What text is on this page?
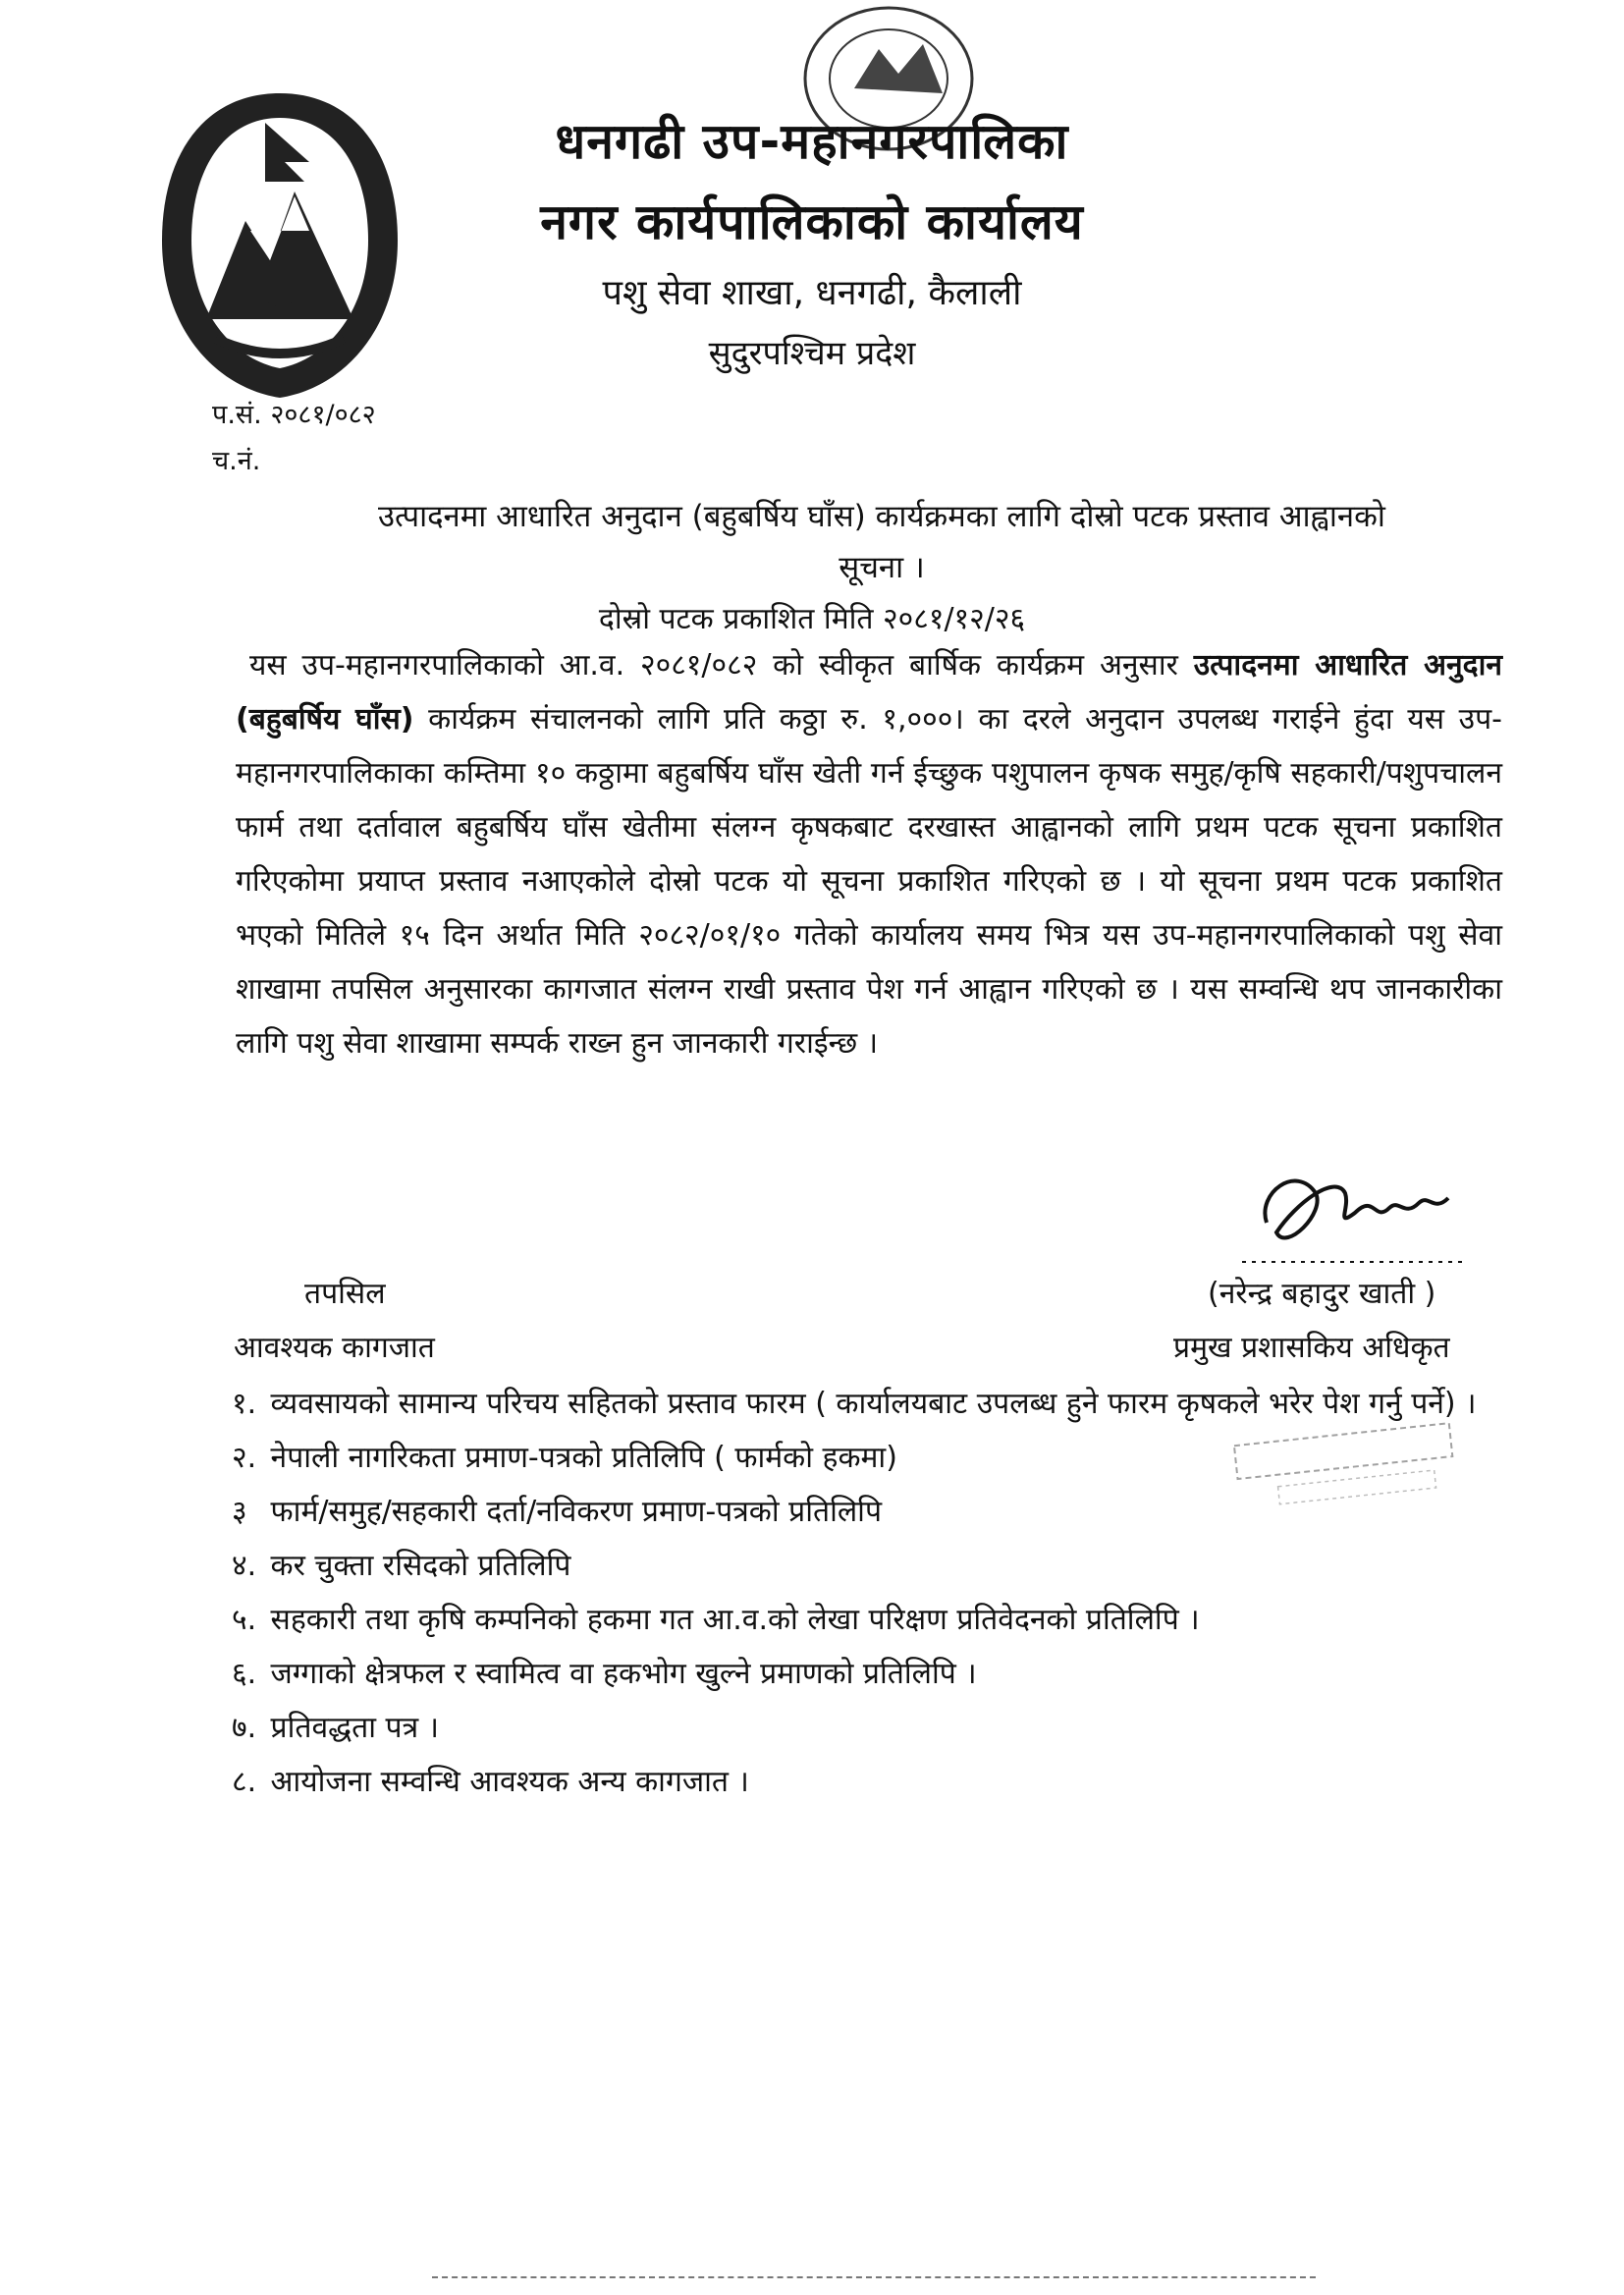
धनगढी उप-महानगरपालिका
नगर कार्यपालिकाको कार्यालय
पशु सेवा शाखा, धनगढी, कैलाली
सुदुरपश्चिम प्रदेश
प.सं. २०८१/०८२
च.नं.
उत्पादनमा आधारित अनुदान (बहुबर्षिय घाँस) कार्यक्रमका लागि दोस्रो पटक प्रस्ताव आह्वानको
सूचना ।
दोस्रो पटक प्रकाशित मिति २०८१/१२/२६
यस उप-महानगरपालिकाको आ.व. २०८१/०८२ को स्वीकृत बार्षिक कार्यक्रम अनुसार उत्पादनमा आधारित अनुदान (बहुबर्षिय घाँस) कार्यक्रम संचालनको लागि प्रति कठ्ठा रु. १,०००। का दरले अनुदान उपलब्ध गराईने हुंदा यस उप-महानगरपालिकाका कम्तिमा १० कठ्ठामा बहुबर्षिय घाँस खेती गर्न ईच्छुक पशुपालन कृषक समुह/कृषि सहकारी/पशुपचालन फार्म तथा दर्तावाल बहुबर्षिय घाँस खेतीमा संलग्न कृषकबाट दरखास्त आह्वानको लागि प्रथम पटक सूचना प्रकाशित गरिएकोमा प्रयाप्त प्रस्ताव नआएकोले दोस्रो पटक यो सूचना प्रकाशित गरिएको छ । यो सूचना प्रथम पटक प्रकाशित भएको मितिले १५ दिन अर्थात मिति २०८२/०१/१० गतेको कार्यालय समय भित्र यस उप-महानगरपालिकाको पशु सेवा शाखामा तपसिल अनुसारका कागजात संलग्न राखी प्रस्ताव पेश गर्न आह्वान गरिएको छ । यस सम्वन्धि थप जानकारीका लागि पशु सेवा शाखामा सम्पर्क राख्न हुन जानकारी गराईन्छ ।
तपसिल
आवश्यक कागजात
(नरेन्द्र बहादुर खाती )
प्रमुख प्रशासकिय अधिकृत
१. व्यवसायको सामान्य परिचय सहितको प्रस्ताव फारम ( कार्यालयबाट उपलब्ध हुने फारम कृषकले भरेर पेश गर्नु पर्ने) ।
२. नेपाली नागरिकता प्रमाण-पत्रको प्रतिलिपि ( फार्मको हकमा)
३ फार्म/समुह/सहकारी दर्ता/नविकरण प्रमाण-पत्रको प्रतिलिपि
४. कर चुक्ता रसिदको प्रतिलिपि
५. सहकारी तथा कृषि कम्पनिको हकमा गत आ.व.को लेखा परिक्षण प्रतिवेदनको प्रतिलिपि ।
६. जग्गाको क्षेत्रफल र स्वामित्व वा हकभोग खुल्ने प्रमाणको प्रतिलिपि ।
७. प्रतिवद्धता पत्र ।
८. आयोजना सम्वन्धि आवश्यक अन्य कागजात ।
